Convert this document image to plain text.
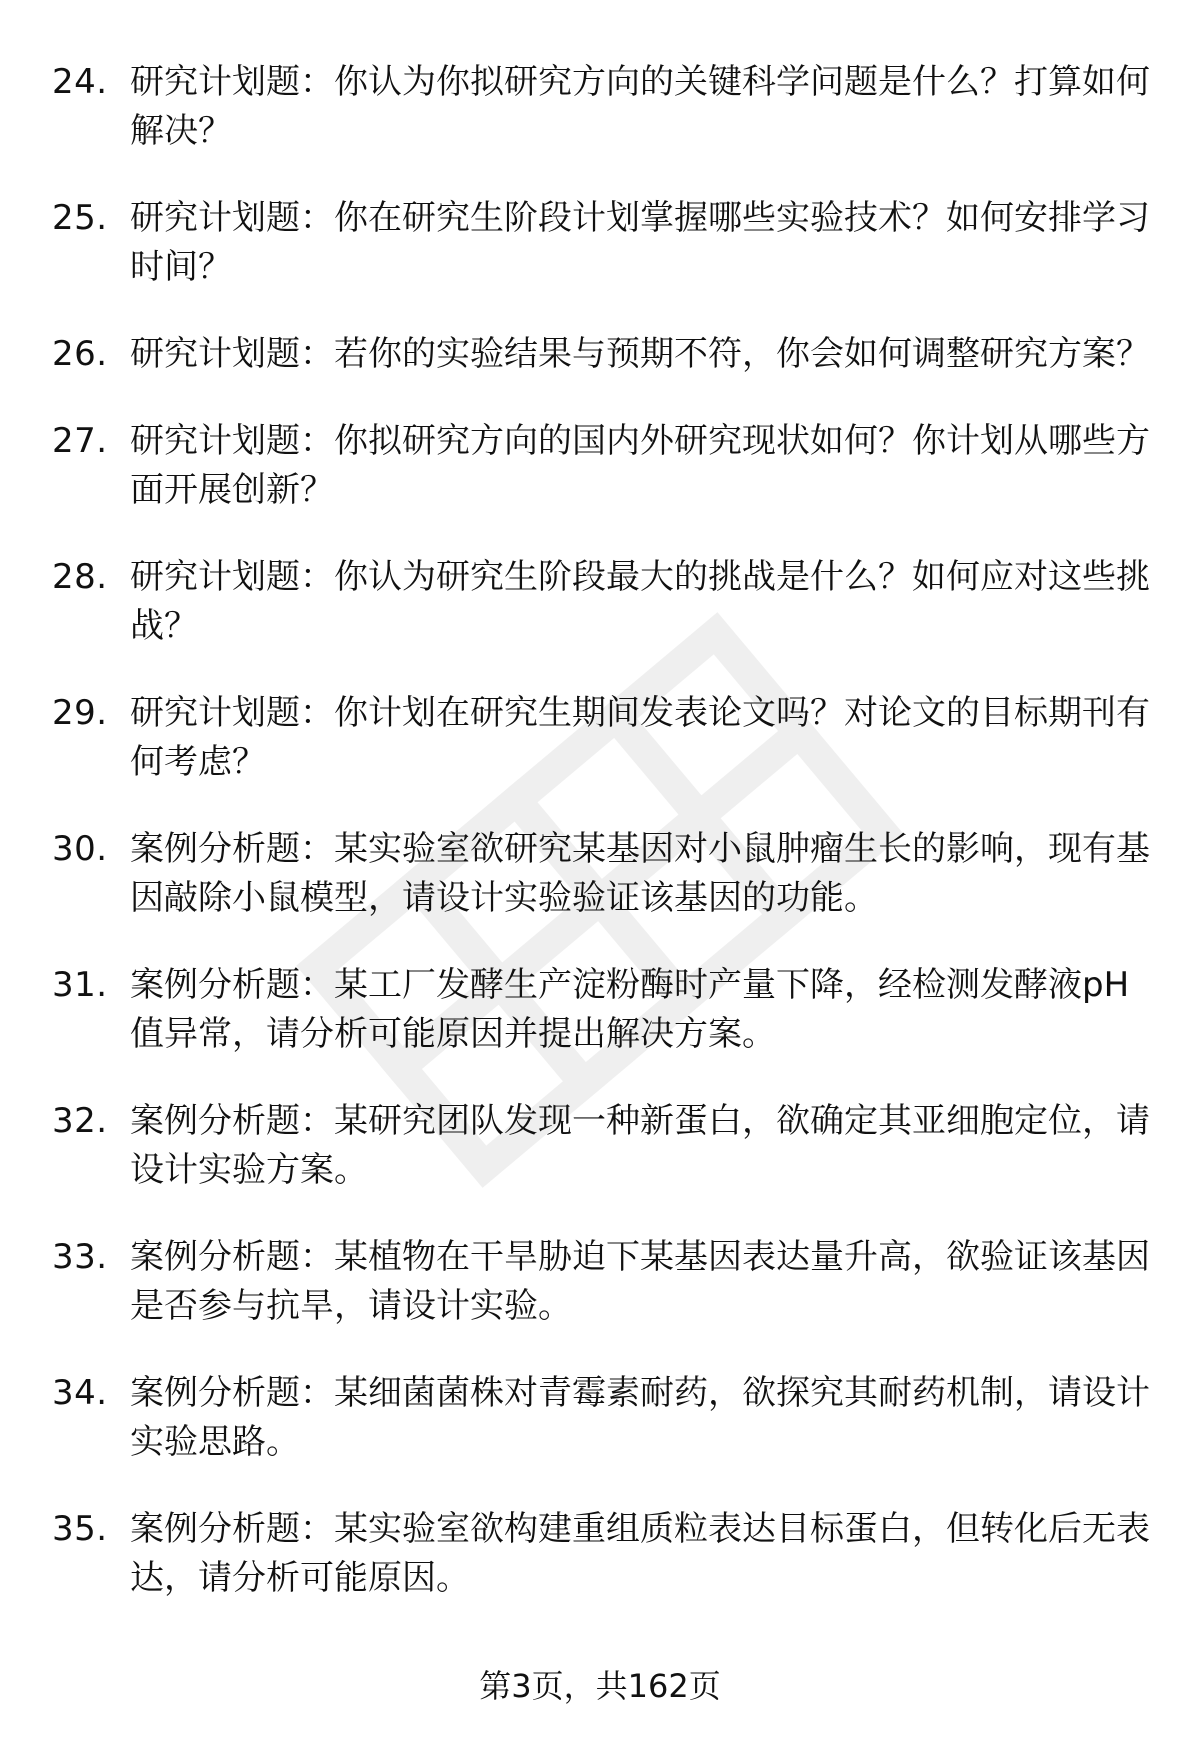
24. 研究计划题：你认为你拟研究方向的关键科学问题是什么？打算如何解决？
25. 研究计划题：你在研究生阶段计划掌握哪些实验技术？如何安排学习时间？
26. 研究计划题：若你的实验结果与预期不符，你会如何调整研究方案？
27. 研究计划题：你拟研究方向的国内外研究现状如何？你计划从哪些方面开展创新？
28. 研究计划题：你认为研究生阶段最大的挑战是什么？如何应对这些挑战？
29. 研究计划题：你计划在研究生期间发表论文吗？对论文的目标期刊有何考虑？
30. 案例分析题：某实验室欲研究某基因对小鼠肿瘤生长的影响，现有基因敲除小鼠模型，请设计实验验证该基因的功能。
31. 案例分析题：某工厂发酵生产淀粉酶时产量下降，经检测发酵液pH值异常，请分析可能原因并提出解决方案。
32. 案例分析题：某研究团队发现一种新蛋白，欲确定其亚细胞定位，请设计实验方案。
33. 案例分析题：某植物在干旱胁迫下某基因表达量升高，欲验证该基因是否参与抗旱，请设计实验。
34. 案例分析题：某细菌菌株对青霉素耐药，欲探究其耐药机制，请设计实验思路。
35. 案例分析题：某实验室欲构建重组质粒表达目标蛋白，但转化后无表达，请分析可能原因。
第3页，共162页
